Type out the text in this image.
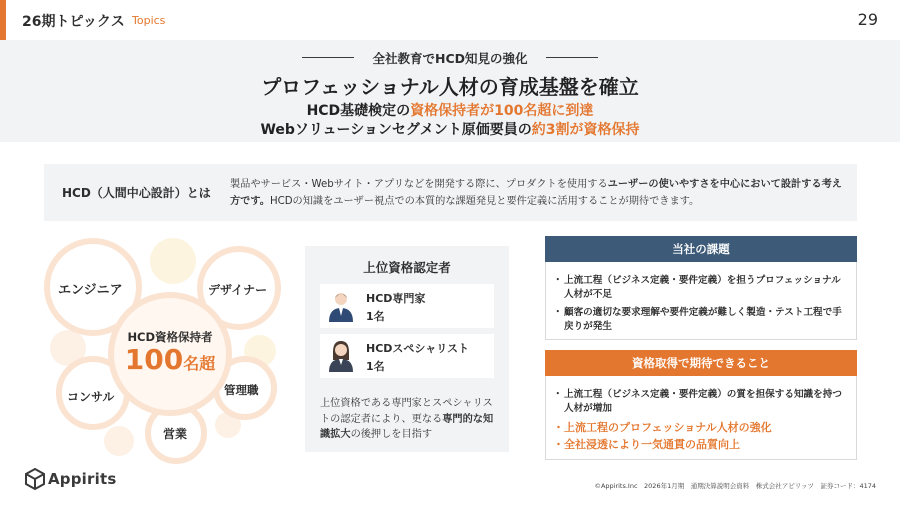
26期トピックス Topics	29
全社教育でHCD知見の強化
プロフェッショナル人材の育成基盤を確立
HCD基礎検定の資格保持者が100名超に到達
Webソリューションセグメント原価要員の約3割が資格保持
HCD（人間中心設計）とは
製品やサービス・Webサイト・アプリなどを開発する際に、プロダクトを使用するユーザーの使いやすさを中心において設計する考え方です。HCDの知識をユーザー視点での本質的な課題発見と要件定義に活用することが期待できます。
エンジニア	デザイナー
コンサル	管理職
営業
HCD資格保持者
100名超
上位資格認定者
HCD専門家
1名
HCDスペシャリスト
1名
上位資格である専門家とスペシャリストの認定者により、更なる専門的な知識拡大の後押しを目指す
当社の課題
・ 上流工程（ビジネス定義・要件定義）を担うプロフェッショナル人材が不足
・ 顧客の適切な要求理解や要件定義が難しく製造・テスト工程で手戻りが発生
資格取得で期待できること
・ 上流工程（ビジネス定義・要件定義）の質を担保する知識を持つ人材が増加
・ 上流工程のプロフェッショナル人材の強化
・ 全社浸透により一気通貫の品質向上
Appirits	©Appirits.Inc　2026年1月期　通期決算説明会資料　株式会社アピリッツ　証券コード：4174
